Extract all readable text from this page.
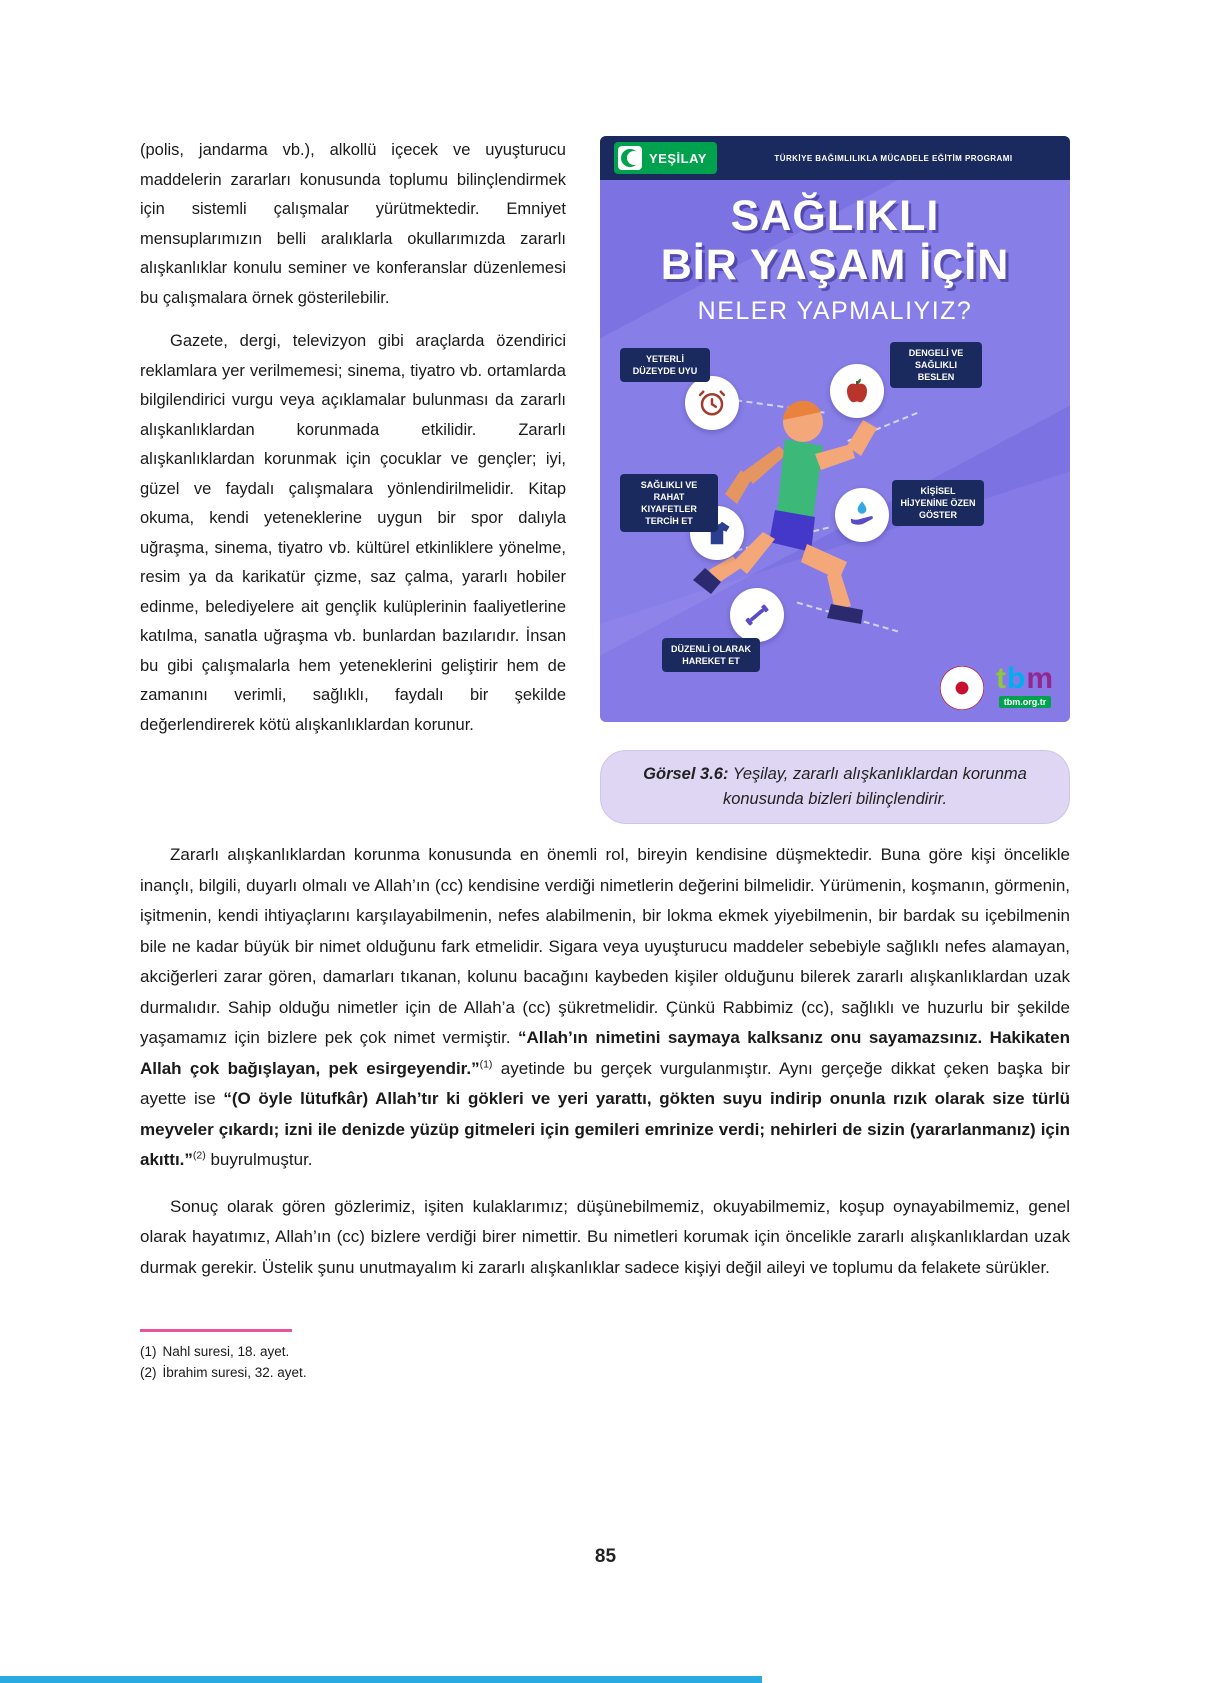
(polis, jandarma vb.), alkollü içecek ve uyuşturucu maddelerin zararları konusunda toplumu bilinçlendirmek için sistemli çalışmalar yürütmektedir. Emniyet mensuplarımızın belli aralıklarla okullarımızda zararlı alışkanlıklar konulu seminer ve konferanslar düzenlemesi bu çalışmalara örnek gösterilebilir.

Gazete, dergi, televizyon gibi araçlarda özendirici reklamlara yer verilmemesi; sinema, tiyatro vb. ortamlarda bilgilendirici vurgu veya açıklamalar bulunması da zararlı alışkanlıklardan korunmada etkilidir. Zararlı alışkanlıklardan korunmak için çocuklar ve gençler; iyi, güzel ve faydalı çalışmalara yönlendirilmelidir. Kitap okuma, kendi yeteneklerine uygun bir spor dalıyla uğraşma, sinema, tiyatro vb. kültürel etkinliklere yönelme, resim ya da karikatür çizme, saz çalma, yararlı hobiler edinme, belediyelere ait gençlik kulüplerinin faaliyetlerine katılma, sanatla uğraşma vb. bunlardan bazılarıdır. İnsan bu gibi çalışmalarla hem yeteneklerini geliştirir hem de zamanını verimli, sağlıklı, faydalı bir şekilde değerlendirerek kötü alışkanlıklardan korunur.

YEŞİLAY	TÜRKİYE BAĞIMLILIKLA MÜCADELE EĞİTİM PROGRAMI
SAĞLIKLI
BİR YAŞAM İÇİN
NELER YAPMALIYIZ?
YETERLİ DÜZEYDE UYU
DENGELİ VE SAĞLIKLI BESLEN
SAĞLIKLI VE RAHAT KIYAFETLER TERCİH ET
KİŞİSEL HİJYENİNE ÖZEN GÖSTER
DÜZENLİ OLARAK HAREKET ET
tbm
tbm.org.tr
Görsel 3.6: Yeşilay, zararlı alışkanlıklardan korunma konusunda bizleri bilinçlendirir.

Zararlı alışkanlıklardan korunma konusunda en önemli rol, bireyin kendisine düşmektedir. Buna göre kişi öncelikle inançlı, bilgili, duyarlı olmalı ve Allah’ın (cc) kendisine verdiği nimetlerin değerini bilmelidir. Yürümenin, koşmanın, görmenin, işitmenin, kendi ihtiyaçlarını karşılayabilmenin, nefes alabilmenin, bir lokma ekmek yiyebilmenin, bir bardak su içebilmenin bile ne kadar büyük bir nimet olduğunu fark etmelidir. Sigara veya uyuşturucu maddeler sebebiyle sağlıklı nefes alamayan, akciğerleri zarar gören, damarları tıkanan, kolunu bacağını kaybeden kişiler olduğunu bilerek zararlı alışkanlıklardan uzak durmalıdır. Sahip olduğu nimetler için de Allah’a (cc) şükretmelidir. Çünkü Rabbimiz (cc), sağlıklı ve huzurlu bir şekilde yaşamamız için bizlere pek çok nimet vermiştir. “Allah’ın nimetini saymaya kalksanız onu sayamazsınız. Hakikaten Allah çok bağışlayan, pek esirgeyendir.”$^{(1)}$ ayetinde bu gerçek vurgulanmıştır. Aynı gerçeğe dikkat çeken başka bir ayette ise “(O öyle lütufkâr) Allah’tır ki gökleri ve yeri yarattı, gökten suyu indirip onunla rızık olarak size türlü meyveler çıkardı; izni ile denizde yüzüp gitmeleri için gemileri emrinize verdi; nehirleri de sizin (yararlanmanız) için akıttı.”$^{(2)}$ buyrulmuştur.

Sonuç olarak gören gözlerimiz, işiten kulaklarımız; düşünebilmemiz, okuyabilmemiz, koşup oynayabilmemiz, genel olarak hayatımız, Allah’ın (cc) bizlere verdiği birer nimettir. Bu nimetleri korumak için öncelikle zararlı alışkanlıklardan uzak durmak gerekir. Üstelik şunu unutmayalım ki zararlı alışkanlıklar sadece kişiyi değil aileyi ve toplumu da felakete sürükler.

(1) Nahl suresi, 18. ayet.
(2) İbrahim suresi, 32. ayet.
85
